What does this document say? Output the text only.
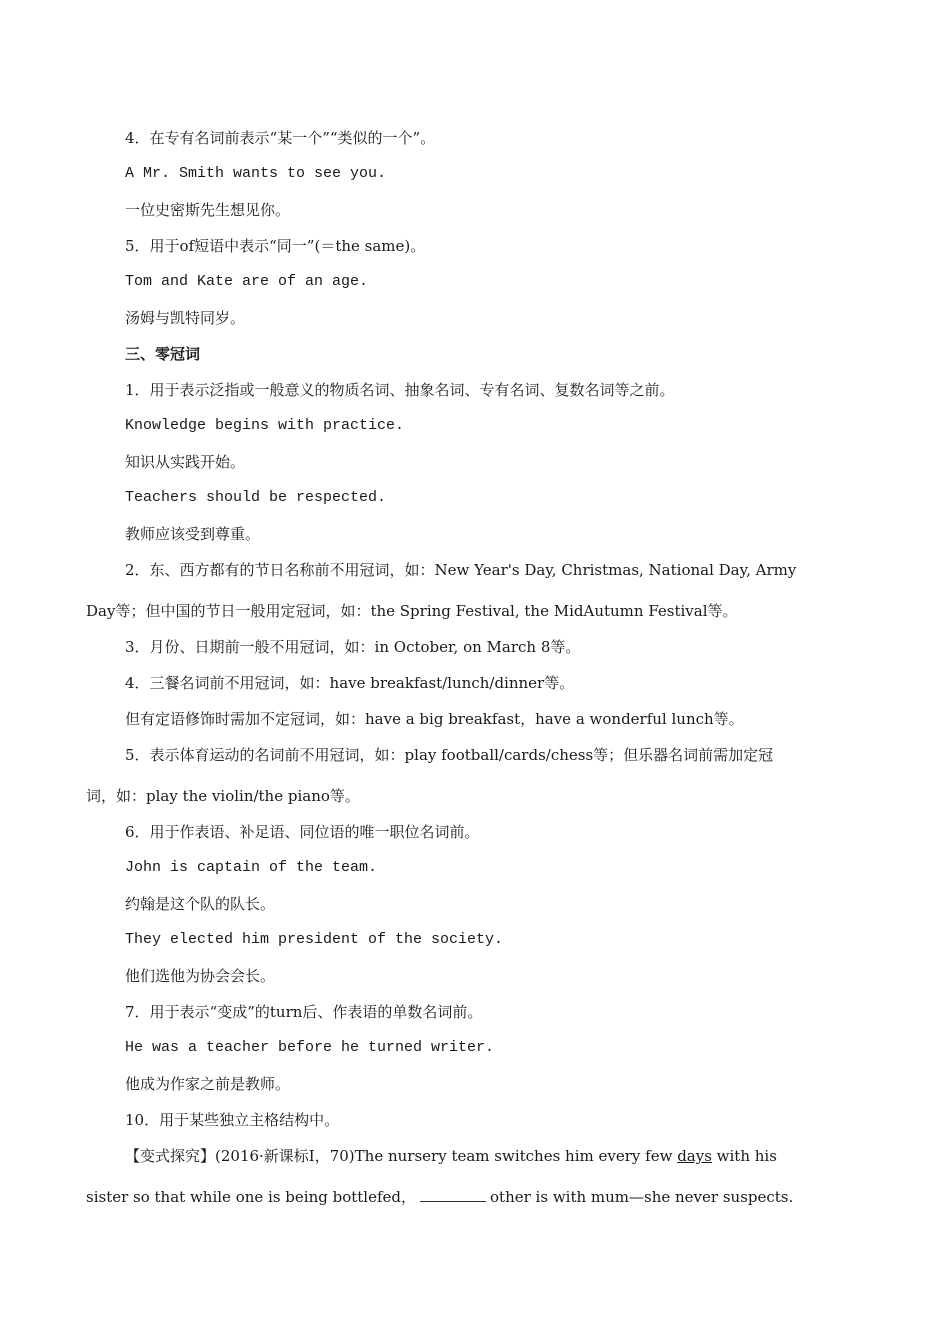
4．在专有名词前表示“某一个”“类似的一个”。
A Mr. Smith wants to see you.
一位史密斯先生想见你。
5．用于of短语中表示“同一”(＝the same)。
Tom and Kate are of an age.
汤姆与凯特同岁。
三、零冠词
1．用于表示泛指或一般意义的物质名词、抽象名词、专有名词、复数名词等之前。
Knowledge begins with practice.
知识从实践开始。
Teachers should be respected.
教师应该受到尊重。
2．东、西方都有的节日名称前不用冠词，如：New Year's Day, Christmas, National Day, Army
Day等；但中国的节日一般用定冠词，如：the Spring Festival, the MidAutumn Festival等。
3．月份、日期前一般不用冠词，如：in October, on March 8等。
4．三餐名词前不用冠词，如：have breakfast/lunch/dinner等。
但有定语修饰时需加不定冠词，如：have a big breakfast，have a wonderful lunch等。
5．表示体育运动的名词前不用冠词，如：play football/cards/chess等；但乐器名词前需加定冠
词，如：play the violin/the piano等。
6．用于作表语、补足语、同位语的唯一职位名词前。
John is captain of the team.
约翰是这个队的队长。
They elected him president of the society.
他们选他为协会会长。
7．用于表示“变成”的turn后、作表语的单数名词前。
He was a teacher before he turned writer.
他成为作家之前是教师。
10．用于某些独立主格结构中。
【变式探究】(2016·新课标Ⅰ，70)The nursery team switches him every few days with his
sister so that while one is being bottlefed，	other is with mum—she never suspects.
